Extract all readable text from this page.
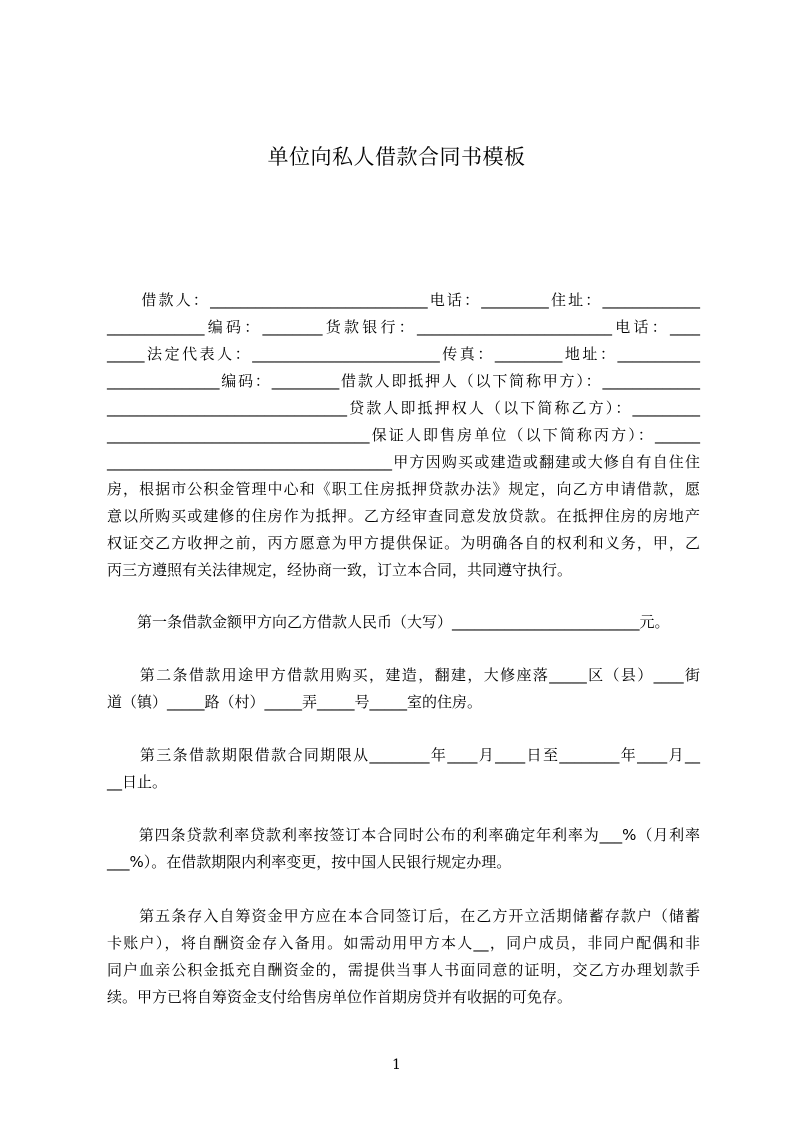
单位向私人借款合同书模板
　　借款人：_____________________________电话：_________住址：_____________
_____________编码：________货款银行：__________________________电话：____
_____法定代表人：_________________________传真：_________地址：___________
_______________编码：_________借款人即抵押人（以下简称甲方）：_____________
________________________________贷款人即抵押权人（以下简称乙方）：_________
___________________________________保证人即售房单位（以下简称丙方）：______
______________________________________甲方因购买或建造或翻建或大修自有自住住
房，根据市公积金管理中心和《职工住房抵押贷款办法》规定，向乙方申请借款，愿
意以所购买或建修的住房作为抵押。乙方经审查同意发放贷款。在抵押住房的房地产
权证交乙方收押之前，丙方愿意为甲方提供保证。为明确各自的权利和义务，甲，乙
丙三方遵照有关法律规定，经协商一致，订立本合同，共同遵守执行。
　　第一条借款金额甲方向乙方借款人民币（大写）_________________________元。
　　第二条借款用途甲方借款用购买，建造，翻建，大修座落_____区（县）____街
道（镇）_____路（村）_____弄_____号_____室的住房。
　　第三条借款期限借款合同期限从________年____月____日至________年____月__
__日止。
　　第四条贷款利率贷款利率按签订本合同时公布的利率确定年利率为___%（月利率
___%）。在借款期限内利率变更，按中国人民银行规定办理。
　　第五条存入自筹资金甲方应在本合同签订后，在乙方开立活期储蓄存款户（储蓄
卡账户），将自酬资金存入备用。如需动用甲方本人__，同户成员，非同户配偶和非
同户血亲公积金抵充自酬资金的，需提供当事人书面同意的证明，交乙方办理划款手
续。甲方已将自筹资金支付给售房单位作首期房贷并有收据的可免存。
1
